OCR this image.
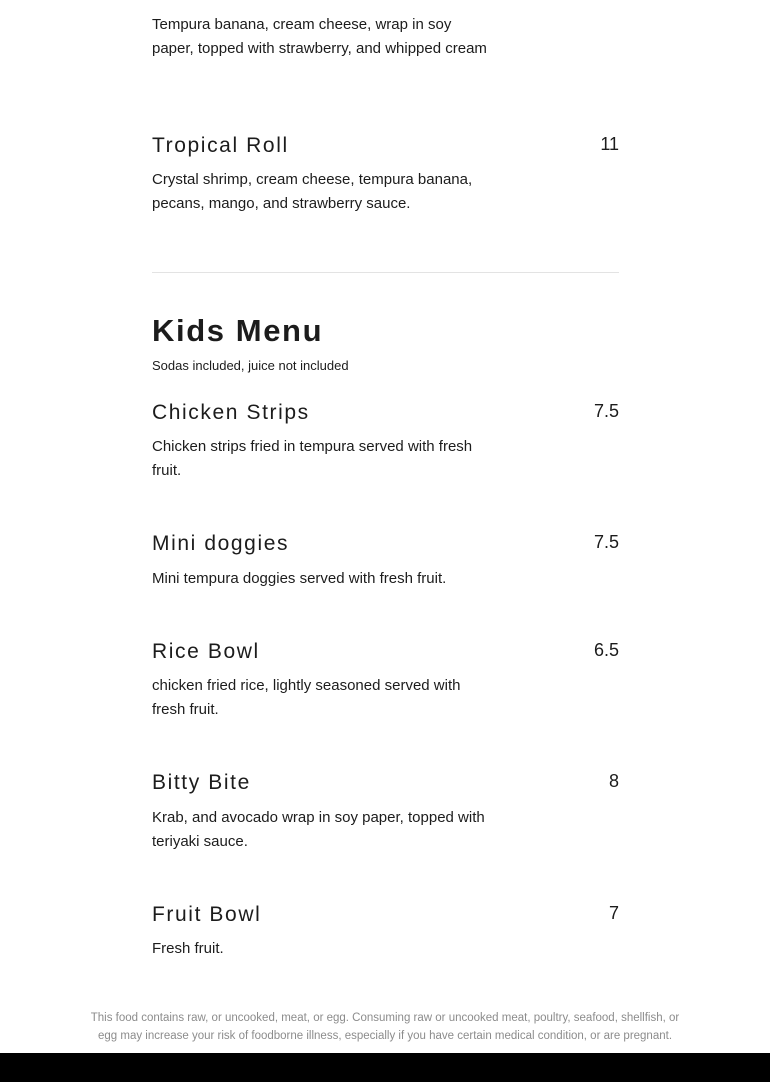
Tempura banana, cream cheese, wrap in soy paper, topped with strawberry, and whipped cream

11
Tropical Roll

Crystal shrimp, cream cheese, tempura banana, pecans, mango, and strawberry sauce.

Kids Menu

Sodas included, juice not included

7.5
Chicken Strips

Chicken strips fried in tempura served with fresh fruit.

7.5
Mini doggies

Mini tempura doggies served with fresh fruit.

6.5
Rice Bowl

chicken fried rice, lightly seasoned served with fresh fruit.

8
Bitty Bite

Krab, and avocado wrap in soy paper, topped with teriyaki sauce.

7
Fruit Bowl

Fresh fruit.

This food contains raw, or uncooked, meat, or egg. Consuming raw or uncooked meat, poultry, seafood, shellfish, or egg may increase your risk of foodborne illness, especially if you have certain medical condition, or are pregnant.
